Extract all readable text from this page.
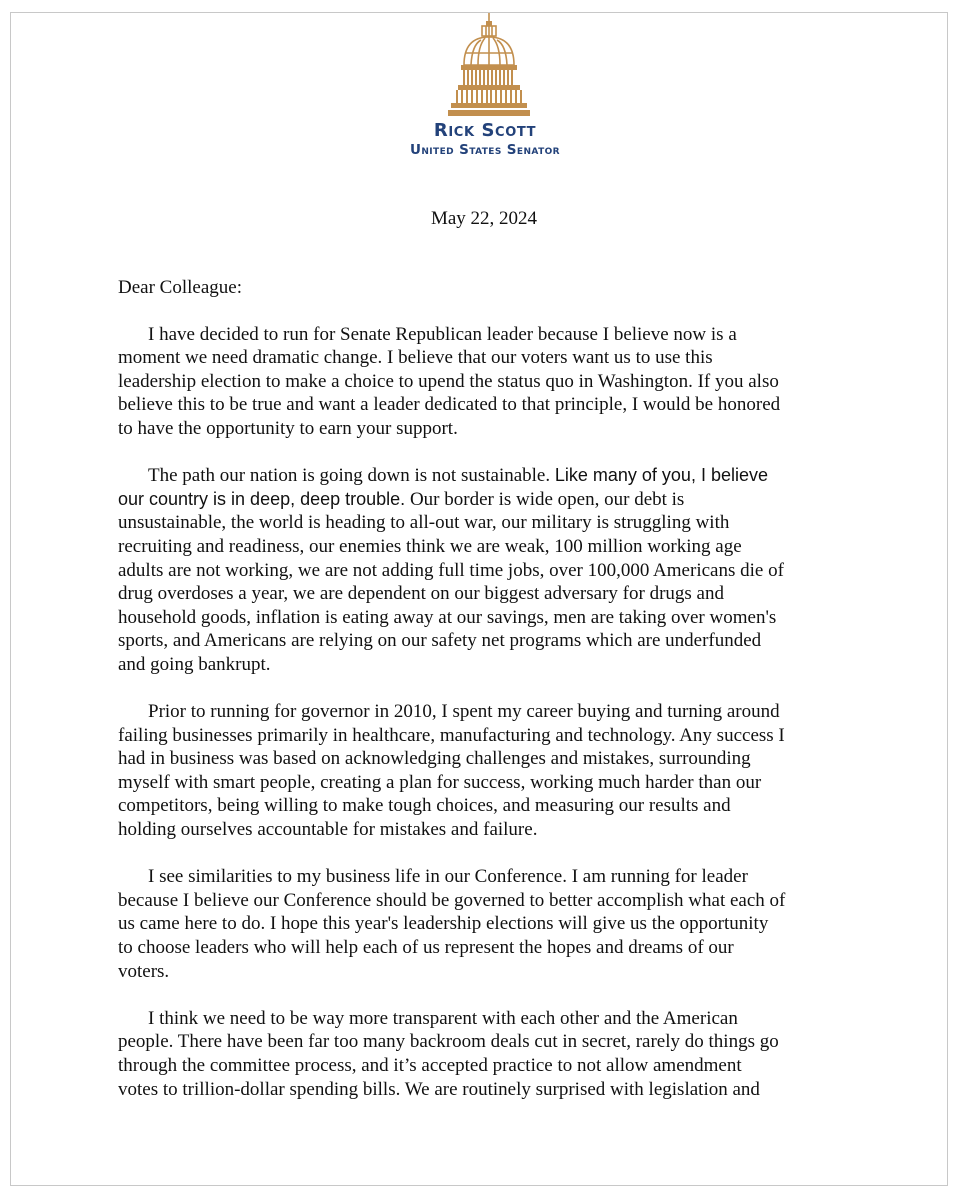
Rick Scott
United States Senator
May 22, 2024
Dear Colleague:
I have decided to run for Senate Republican leader because I believe now is a
moment we need dramatic change. I believe that our voters want us to use this
leadership election to make a choice to upend the status quo in Washington. If you also
believe this to be true and want a leader dedicated to that principle, I would be honored
to have the opportunity to earn your support.
The path our nation is going down is not sustainable. Like many of you, I believe
our country is in deep, deep trouble. Our border is wide open, our debt is
unsustainable, the world is heading to all-out war, our military is struggling with
recruiting and readiness, our enemies think we are weak, 100 million working age
adults are not working, we are not adding full time jobs, over 100,000 Americans die of
drug overdoses a year, we are dependent on our biggest adversary for drugs and
household goods, inflation is eating away at our savings, men are taking over women's
sports, and Americans are relying on our safety net programs which are underfunded
and going bankrupt.
Prior to running for governor in 2010, I spent my career buying and turning around
failing businesses primarily in healthcare, manufacturing and technology. Any success I
had in business was based on acknowledging challenges and mistakes, surrounding
myself with smart people, creating a plan for success, working much harder than our
competitors, being willing to make tough choices, and measuring our results and
holding ourselves accountable for mistakes and failure.
I see similarities to my business life in our Conference. I am running for leader
because I believe our Conference should be governed to better accomplish what each of
us came here to do. I hope this year's leadership elections will give us the opportunity
to choose leaders who will help each of us represent the hopes and dreams of our
voters.
I think we need to be way more transparent with each other and the American
people. There have been far too many backroom deals cut in secret, rarely do things go
through the committee process, and it’s accepted practice to not allow amendment
votes to trillion-dollar spending bills. We are routinely surprised with legislation and
